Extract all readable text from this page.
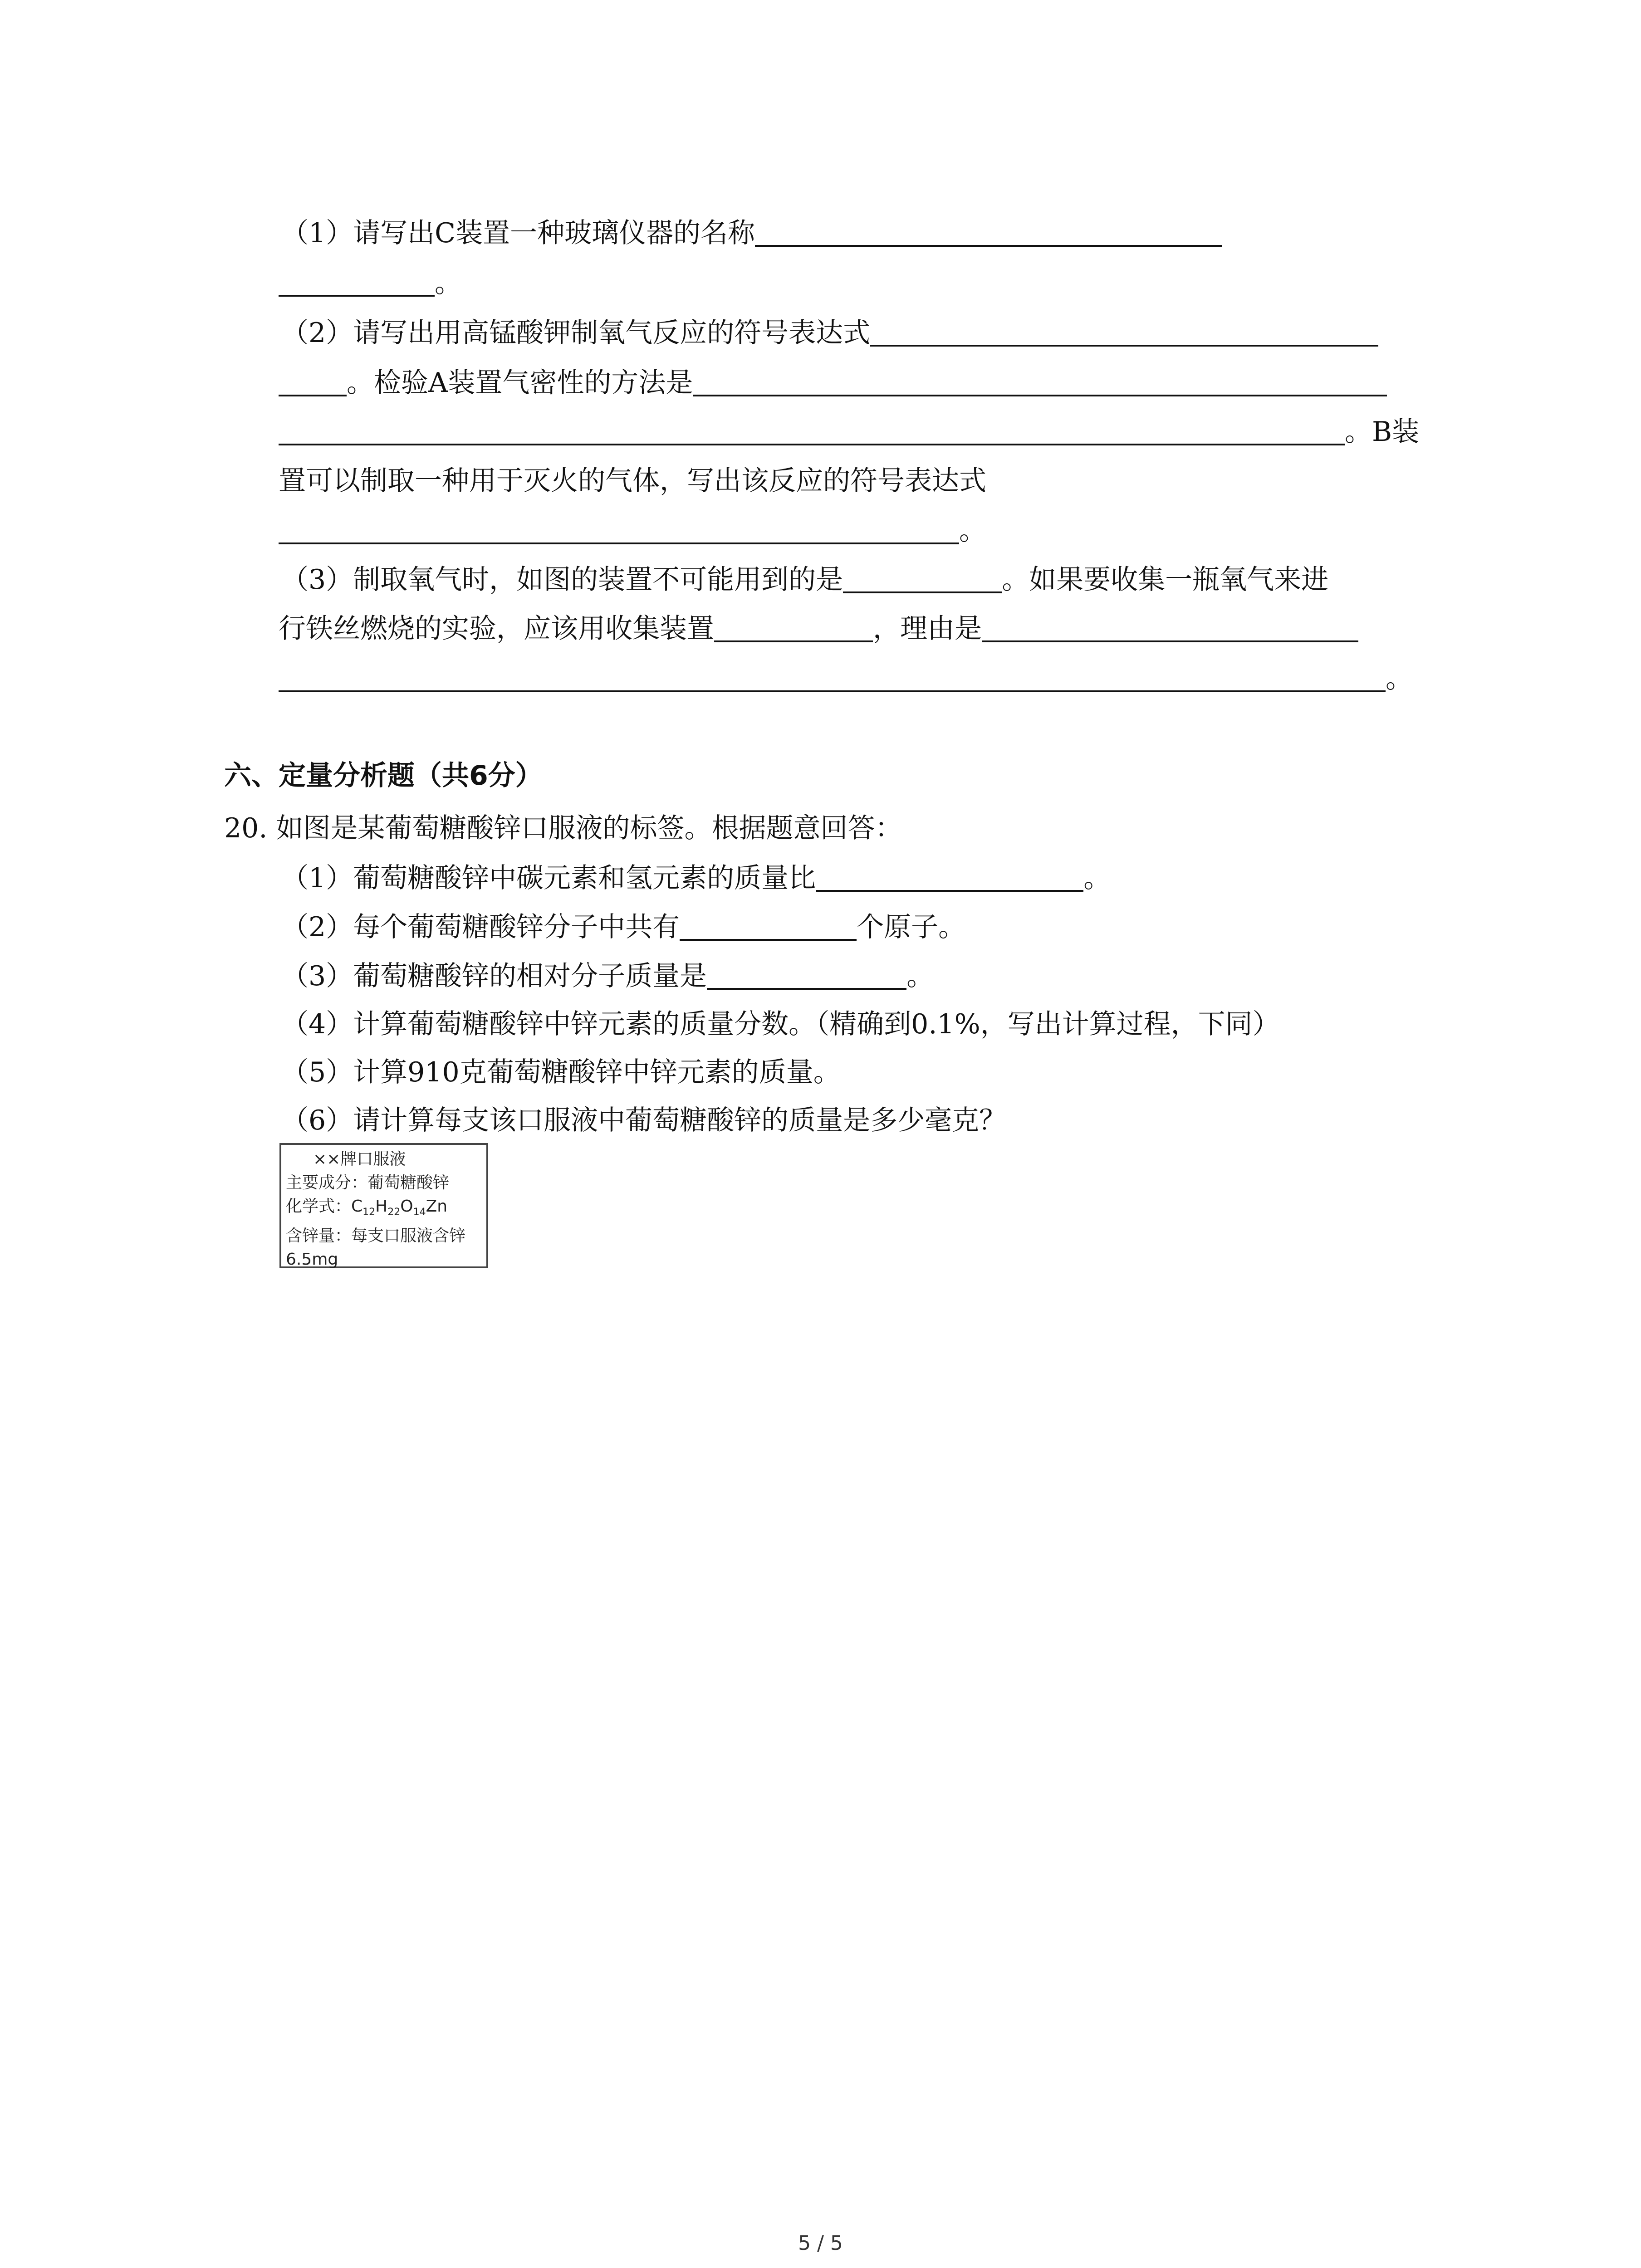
（1）请写出C装置一种玻璃仪器的名称
。
（2）请写出用高锰酸钾制氧气反应的符号表达式
。检验A装置气密性的方法是
。B装
置可以制取一种用于灭火的气体，写出该反应的符号表达式
。
（3）制取氧气时，如图的装置不可能用到的是	。如果要收集一瓶氧气来进
行铁丝燃烧的实验，应该用收集装置	，理由是
。
六、定量分析题（共6分）
20. 如图是某葡萄糖酸锌口服液的标签。根据题意回答：
（1）葡萄糖酸锌中碳元素和氢元素的质量比	。
（2）每个葡萄糖酸锌分子中共有	个原子。
（3）葡萄糖酸锌的相对分子质量是	。
（4）计算葡萄糖酸锌中锌元素的质量分数。（精确到0.1%，写出计算过程，下同）
（5）计算910克葡萄糖酸锌中锌元素的质量。
（6）请计算每支该口服液中葡萄糖酸锌的质量是多少毫克？
××牌口服液
主要成分：葡萄糖酸锌
化学式：$C_{12}H_{22}O_{14}Zn$
含锌量：每支口服液含锌
6.5mg
5 / 5
